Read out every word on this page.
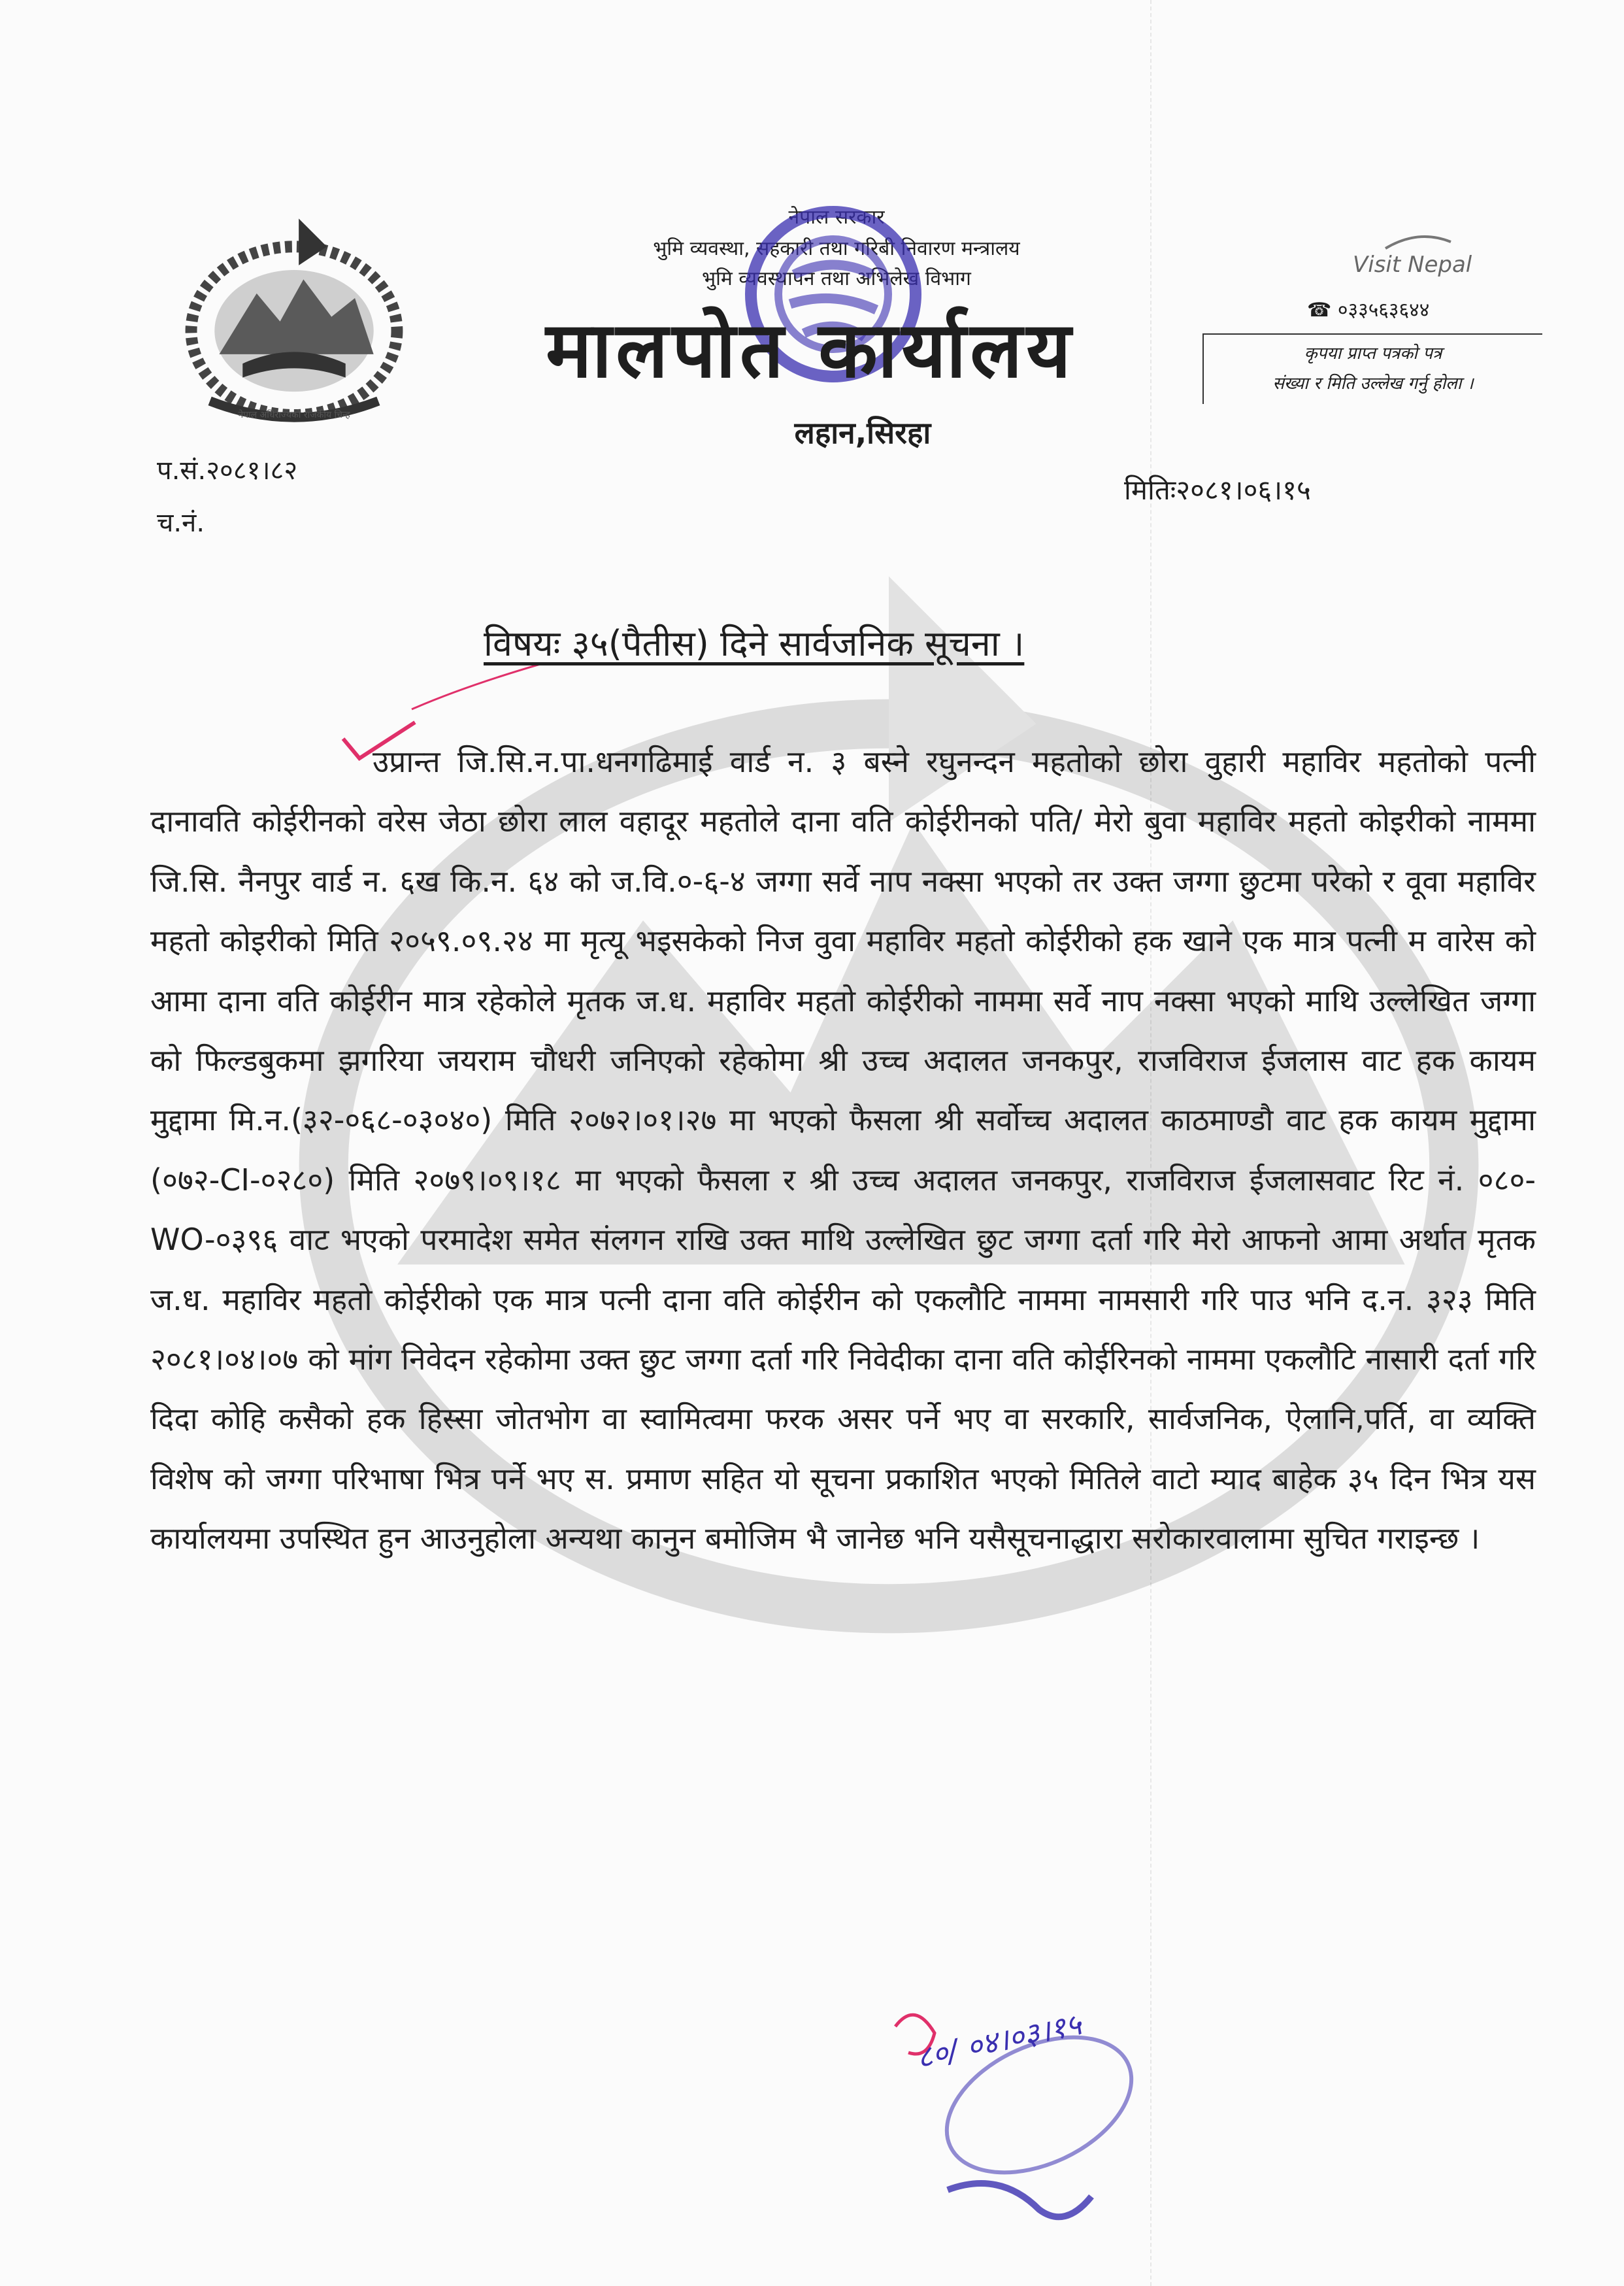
नेपाल सरकार
भुमि व्यवस्था, सहकारी तथा गरिबी निवारण मन्त्रालय
भुमि व्यवस्थापन तथा अभिलेख विभाग
मालपोत कार्यालय
लहान,सिरहा
Visit Nepal
☎ ०३३५६३६४४
कृपया प्राप्त पत्रको पत्र
संख्या र मिति उल्लेख गर्नु होला ।
नेपाल अधिराज्यको राजकीय चिन्ह
प.सं.२०८१।८२
च.नं.
मितिः२०८१।०६।१५
विषयः ३५(पैतीस) दिने सार्वजनिक सूचना ।
उप्रान्त जि.सि.न.पा.धनगढिमाई वार्ड न. ३ बस्ने रघुनन्दन महतोको छोरा वुहारी महाविर महतोको पत्नी दानावति कोईरीनको वरेस जेठा छोरा लाल वहादूर महतोले दाना वति कोईरीनको पति/ मेरो बुवा महाविर महतो कोइरीको नाममा जि.सि. नैनपुर वार्ड न. ६ख कि.न. ६४ को ज.वि.०-६-४ जग्गा सर्वे नाप नक्सा भएको तर उक्त जग्गा छुटमा परेको र वूवा महाविर महतो कोइरीको मिति २०५९.०९.२४ मा मृत्यू भइसकेको निज वुवा महाविर महतो कोईरीको हक खाने एक मात्र पत्नी म वारेस को आमा दाना वति कोईरीन मात्र रहेकोले मृतक ज.ध. महाविर महतो कोईरीको नाममा सर्वे नाप नक्सा भएको माथि उल्लेखित जग्गा को फिल्डबुकमा झगरिया जयराम चौधरी जनिएको रहेकोमा श्री उच्च अदालत जनकपुर, राजविराज ईजलास वाट हक कायम मुद्दामा मि.न.(३२-०६८-०३०४०) मिति २०७२।०१।२७ मा भएको फैसला श्री सर्वोच्च अदालत काठमाण्डौ वाट हक कायम मुद्दामा (०७२-CI-०२८०) मिति २०७९।०९।१८ मा भएको फैसला र श्री उच्च अदालत जनकपुर, राजविराज ईजलासवाट रिट नं. ०८०-WO-०३९६ वाट भएको परमादेश समेत संलगन राखि उक्त माथि उल्लेखित छुट जग्गा दर्ता गरि मेरो आफनो आमा अर्थात मृतक ज.ध. महाविर महतो कोईरीको एक मात्र पत्नी दाना वति कोईरीन को एकलौटि नाममा नामसारी गरि पाउ भनि द.न. ३२३ मिति २०८१।०४।०७ को मांग निवेदन रहेकोमा उक्त छुट जग्गा दर्ता गरि निवेदीका दाना वति कोईरिनको नाममा एकलौटि नासारी दर्ता गरि दिदा कोहि कसैको हक हिस्सा जोतभोग वा स्वामित्वमा फरक असर पर्ने भए वा सरकारि, सार्वजनिक, ऐलानि,पर्ति, वा व्यक्ति विशेष को जग्गा परिभाषा भित्र पर्ने भए स. प्रमाण सहित यो सूचना प्रकाशित भएको मितिले वाटो म्याद बाहेक ३५ दिन भित्र यस कार्यालयमा उपस्थित हुन आउनुहोला अन्यथा कानुन बमोजिम भै जानेछ भनि यसैसूचनाद्धारा सरोकारवालामा सुचित गराइन्छ ।
८०/ ०४।०३।१५
